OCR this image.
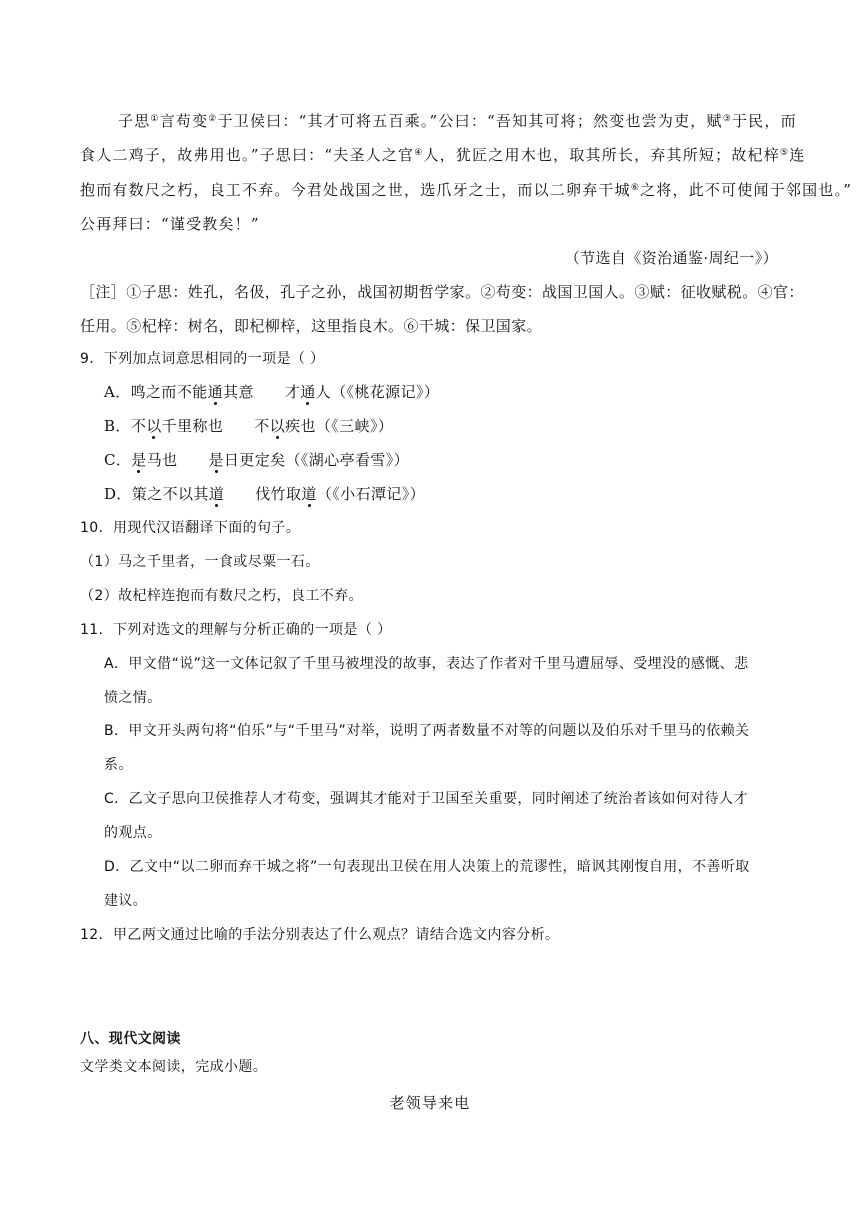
子思①言苟变②于卫侯曰：“其才可将五百乘。”公曰：“吾知其可将；然变也尝为吏，赋③于民，而
食人二鸡子，故弗用也。”子思曰：“夫圣人之官④人，犹匠之用木也，取其所长，弃其所短；故杞梓⑤连
抱而有数尺之朽，良工不弃。今君处战国之世，选爪牙之士，而以二卵弃干城⑥之将，此不可使闻于邻国也。”
公再拜曰：“谨受教矣！”
（节选自《资治通鉴·周纪一》）
［注］①子思：姓孔，名伋，孔子之孙，战国初期哲学家。②苟变：战国卫国人。③赋：征收赋税。④官：
任用。⑤杞梓：树名，即杞柳梓，这里指良木。⑥干城：保卫国家。
9．下列加点词意思相同的一项是（ ）
A．鸣之而不能通其意      才通人（《桃花源记》）
B．不以千里称也      不以疾也（《三峡》）
C．是马也      是日更定矣（《湖心亭看雪》）
D．策之不以其道      伐竹取道（《小石潭记》）
10．用现代汉语翻译下面的句子。
（1）马之千里者，一食或尽粟一石。
（2）故杞梓连抱而有数尺之朽，良工不弃。
11．下列对选文的理解与分析正确的一项是（ ）
A．甲文借“说”这一文体记叙了千里马被埋没的故事，表达了作者对千里马遭屈辱、受埋没的感慨、悲
愤之情。
B．甲文开头两句将“伯乐”与“千里马”对举，说明了两者数量不对等的问题以及伯乐对千里马的依赖关
系。
C．乙文子思向卫侯推荐人才苟变，强调其才能对于卫国至关重要，同时阐述了统治者该如何对待人才
的观点。
D．乙文中“以二卵而弃干城之将”一句表现出卫侯在用人决策上的荒谬性，暗讽其刚愎自用，不善听取
建议。
12．甲乙两文通过比喻的手法分别表达了什么观点？请结合选文内容分析。
八、现代文阅读
文学类文本阅读，完成小题。
老领导来电
